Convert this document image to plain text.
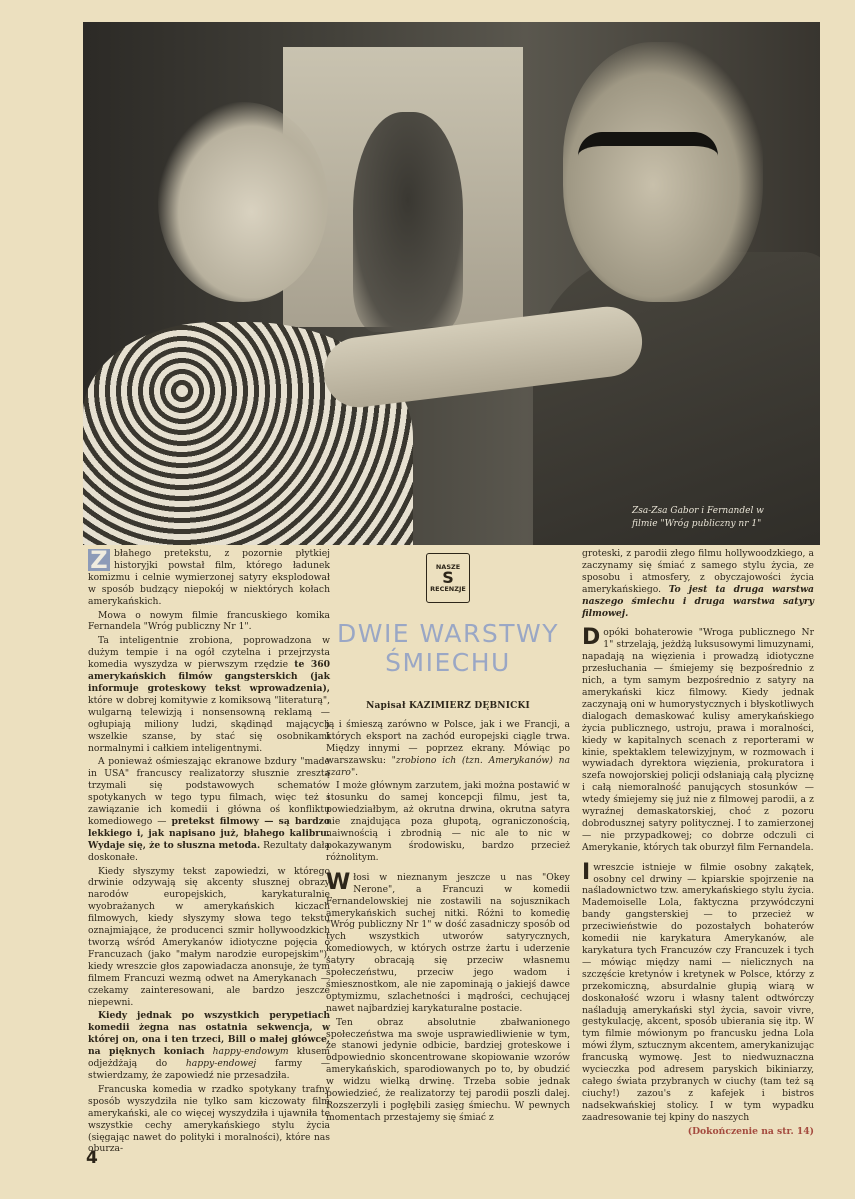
Zsa-Zsa Gabor i Fernandel w
filmie "Wróg publiczny nr 1"

Z błahego pretekstu, z pozornie płytkiej historyjki powstał film, którego ładunek komizmu i celnie wymierzonej satyry eksplodował w sposób budzący niepokój w niektórych kołach amerykańskich.

Mowa o nowym filmie francuskiego komika Fernandela "Wróg publiczny Nr 1".

Ta inteligentnie zrobiona, poprowadzona w dużym tempie i na ogół czytelna i przejrzysta komedia wyszydza w pierwszym rzędzie te 360 amerykańskich filmów gangsterskich (jak informuje groteskowy tekst wprowadzenia), które w dobrej komitywie z komiksową "literaturą", wulgarną telewizją i nonsensowną reklamą — ogłupiają miliony ludzi, skądinąd mających wszelkie szanse, by stać się osobnikami normalnymi i całkiem inteligentnymi.

A ponieważ ośmieszając ekranowe bzdury "made in USA" francuscy realizatorzy słusznie zresztą trzymali się podstawowych schematów spotykanych w tego typu filmach, więc też i zawiązanie ich komedii i główna oś konfliktu komediowego — pretekst filmowy — są bardzo lekkiego i, jak napisano już, błahego kalibru. Wydaje się, że to słuszna metoda. Rezultaty dała doskonałe.

Kiedy słyszymy tekst zapowiedzi, w którego drwinie odzywają się akcenty słusznej obrazy narodów europejskich, karykaturalnie wyobrażanych w amerykańskich kiczach filmowych, kiedy słyszymy słowa tego tekstu oznajmiające, że producenci szmir hollywoodzkich tworzą wśród Amerykanów idiotyczne pojęcia o Francuzach (jako "małym narodzie europejskim"), kiedy wreszcie głos zapowiadacza anonsuje, że tym filmem Francuzi wezmą odwet na Amerykanach — czekamy zainteresowani, ale bardzo jeszcze niepewni.

Kiedy jednak po wszystkich perypetiach komedii żegna nas ostatnia sekwencja, w której on, ona i ten trzeci, Bill o małej główce, na pięknych koniach happy-endowym kłusem odjeżdżają do happy-endowej farmy — stwierdzamy, że zapowiedź nie przesadziła.

Francuska komedia w rzadko spotykany trafny sposób wyszydziła nie tylko sam kiczowaty film amerykański, ale co więcej wyszydziła i ujawniła te wszystkie cechy amerykańskiego stylu życia (sięgając nawet do polityki i moralności), które nas oburza-

NASZE
S
RECENZJE
DWIE WARSTWY
ŚMIECHU
Napisał KAZIMIERZ DĘBNICKI

ją i śmieszą zarówno w Polsce, jak i we Francji, a których eksport na zachód europejski ciągle trwa. Między innymi — poprzez ekrany. Mówiąc po warszawsku: "zrobiono ich (tzn. Amerykanów) na szaro".

I może głównym zarzutem, jaki można postawić w stosunku do samej koncepcji filmu, jest ta, powiedziałbym, aż okrutna drwina, okrutna satyra nie znajdująca poza głupotą, ograniczonością, naiwnością i zbrodnią — nic ale to nic w pokazywanym środowisku, bardzo przecież różnolitym.

Włosi w nieznanym jeszcze u nas "Okey Nerone", a Francuzi w komedii Fernandelowskiej nie zostawili na sojusznikach amerykańskich suchej nitki. Różni to komedię "Wróg publiczny Nr 1" w dość zasadniczy sposób od tych wszystkich utworów satyrycznych, komediowych, w których ostrze żartu i uderzenie satyry obracają się przeciw własnemu społeczeństwu, przeciw jego wadom i śmiesznostkom, ale nie zapominają o jakiejś dawce optymizmu, szlachetności i mądrości, cechującej nawet najbardziej karykaturalne postacie.

Ten obraz absolutnie zbałwanionego społeczeństwa ma swoje usprawiedliwienie w tym, że stanowi jedynie odbicie, bardziej groteskowe i odpowiednio skoncentrowane skopiowanie wzorów amerykańskich, sparodiowanych po to, by obudzić w widzu wielką drwinę. Trzeba sobie jednak powiedzieć, że realizatorzy tej parodii poszli dalej. Rozszerzyli i pogłębili zasięg śmiechu. W pewnych momentach przestajemy się śmiać z

groteski, z parodii złego filmu hollywoodzkiego, a zaczynamy się śmiać z samego stylu życia, ze sposobu i atmosfery, z obyczajowości życia amerykańskiego. To jest ta druga warstwa naszego śmiechu i druga warstwa satyry filmowej.

Dopóki bohaterowie "Wroga publicznego Nr 1" strzelają, jeżdżą luksusowymi limuzynami, napadają na więzienia i prowadzą idiotyczne przesłuchania — śmiejemy się bezpośrednio z nich, a tym samym bezpośrednio z satyry na amerykański kicz filmowy. Kiedy jednak zaczynają oni w humorystycznych i błyskotliwych dialogach demaskować kulisy amerykańskiego życia publicznego, ustroju, prawa i moralności, kiedy w kapitalnych scenach z reporterami w kinie, spektaklem telewizyjnym, w rozmowach i wywiadach dyrektora więzienia, prokuratora i szefa nowojorskiej policji odsłaniają całą plyciznę i całą niemoralność panujących stosunków — wtedy śmiejemy się już nie z filmowej parodii, a z wyraźnej demaskatorskiej, choć z pozoru dobrodusznej satyry politycznej. I to zamierzonej — nie przypadkowej; co dobrze odczuli ci Amerykanie, których tak oburzył film Fernandela.

Iwreszcie istnieje w filmie osobny zakątek, osobny cel drwiny — kpiarskie spojrzenie na naśladownictwo tzw. amerykańskiego stylu życia. Mademoiselle Lola, faktyczna przywódczyni bandy gangsterskiej — to przecież w przeciwieństwie do pozostałych bohaterów komedii nie karykatura Amerykanów, ale karykatura tych Francuzów czy Francuzek i tych — mówiąc między nami — nielicznych na szczęście kretynów i kretynek w Polsce, którzy z przekomiczną, absurdalnie głupią wiarą w doskonałość wzoru i własny talent odtwórczy naśladują amerykański styl życia, savoir vivre, gestykulację, akcent, sposób ubierania się itp. W tym filmie mówionym po francusku jedna Lola mówi źlym, sztucznym akcentem, amerykanizując francuską wymowę. Jest to niedwuznaczna wycieczka pod adresem paryskich bikiniarzy, całego świata przybranych w ciuchy (tam też są ciuchy!) zazou's z kafejek i bistros nadsekwańskiej stolicy. I w tym wypadku zaadresowanie tej kpiny do naszych

(Dokończenie na str. 14)
4
